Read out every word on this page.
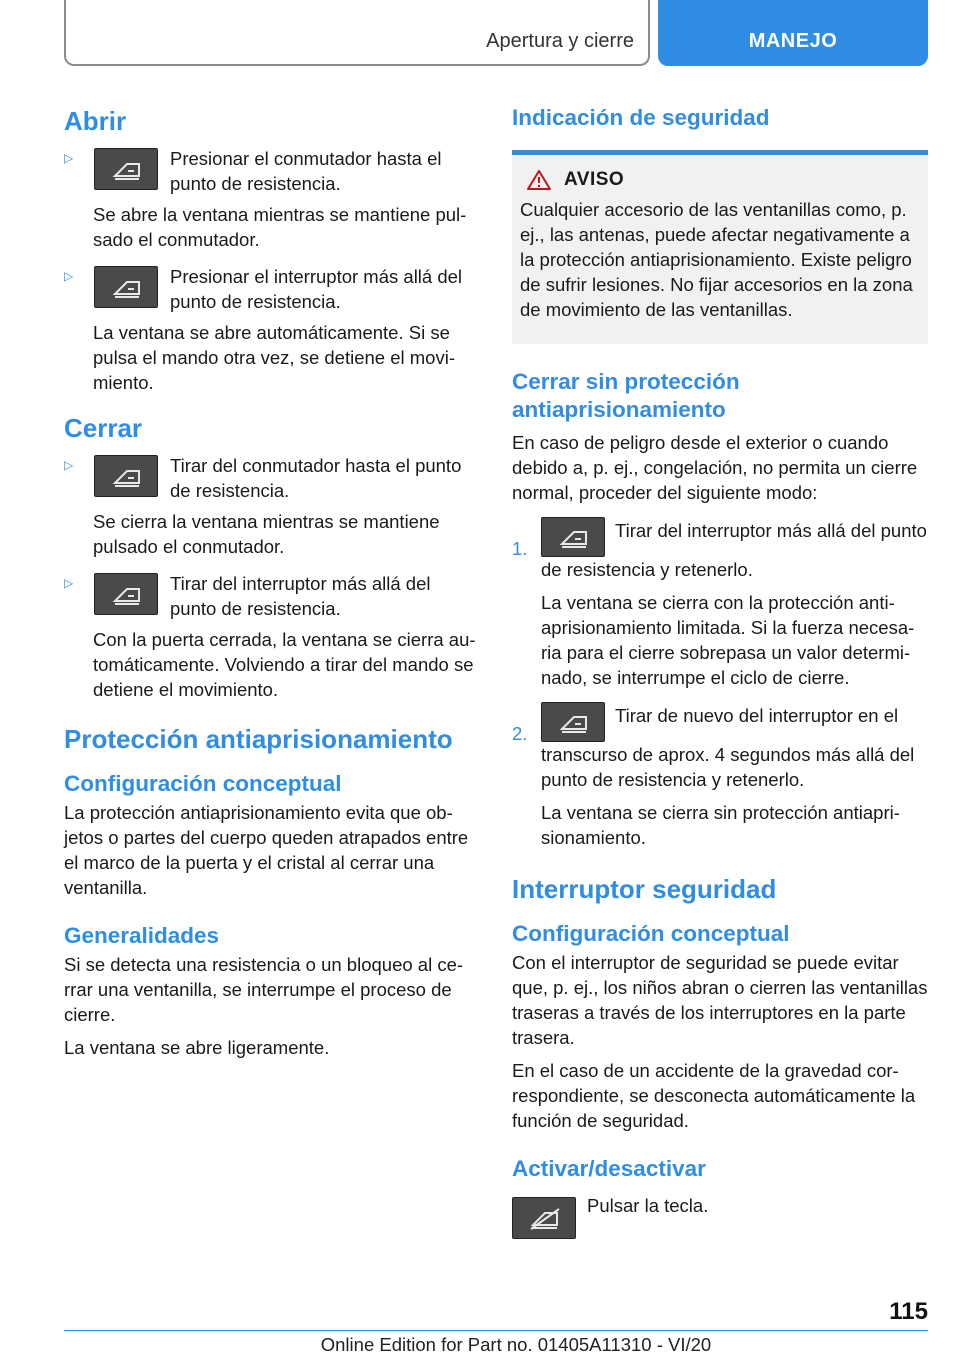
Apertura y cierre	MANEJO
Abrir
▷	Presionar el conmutador hasta el punto de resistencia.

Se abre la ventana mientras se mantiene pulsado el conmutador.

▷	Presionar el interruptor más allá del punto de resistencia.

La ventana se abre automáticamente. Si se pulsa el mando otra vez, se detiene el movimiento.

Cerrar
▷	Tirar del conmutador hasta el punto de resistencia.

Se cierra la ventana mientras se mantiene pulsado el conmutador.

▷	Tirar del interruptor más allá del punto de resistencia.

Con la puerta cerrada, la ventana se cierra automáticamente. Volviendo a tirar del mando se detiene el movimiento.

Protección antiaprisionamiento
Configuración conceptual

La protección antiaprisionamiento evita que objetos o partes del cuerpo queden atrapados entre el marco de la puerta y el cristal al cerrar una ventanilla.

Generalidades

Si se detecta una resistencia o un bloqueo al cerrar una ventanilla, se interrumpe el proceso de cierre.

La ventana se abre ligeramente.

Indicación de seguridad
AVISO

Cualquier accesorio de las ventanillas como, p. ej., las antenas, puede afectar negativamente a la protección antiaprisionamiento. Existe peligro de sufrir lesiones. No fijar accesorios en la zona de movimiento de las ventanillas.

Cerrar sin protección antiaprisionamiento

En caso de peligro desde el exterior o cuando debido a, p. ej., congelación, no permita un cierre normal, proceder del siguiente modo:

1.

Tirar del interruptor más allá del punto de resistencia y retenerlo.

La ventana se cierra con la protección antiaprisionamiento limitada. Si la fuerza necesaria para el cierre sobrepasa un valor determinado, se interrumpe el ciclo de cierre.

2.

Tirar de nuevo del interruptor en el transcurso de aprox. 4 segundos más allá del punto de resistencia y retenerlo.

La ventana se cierra sin protección antiaprisionamiento.

Interruptor seguridad
Configuración conceptual

Con el interruptor de seguridad se puede evitar que, p. ej., los niños abran o cierren las ventanillas traseras a través de los interruptores en la parte trasera.

En el caso de un accidente de la gravedad correspondiente, se desconecta automáticamente la función de seguridad.

Activar/desactivar

Pulsar la tecla.

115
Online Edition for Part no. 01405A11310 - VI/20
